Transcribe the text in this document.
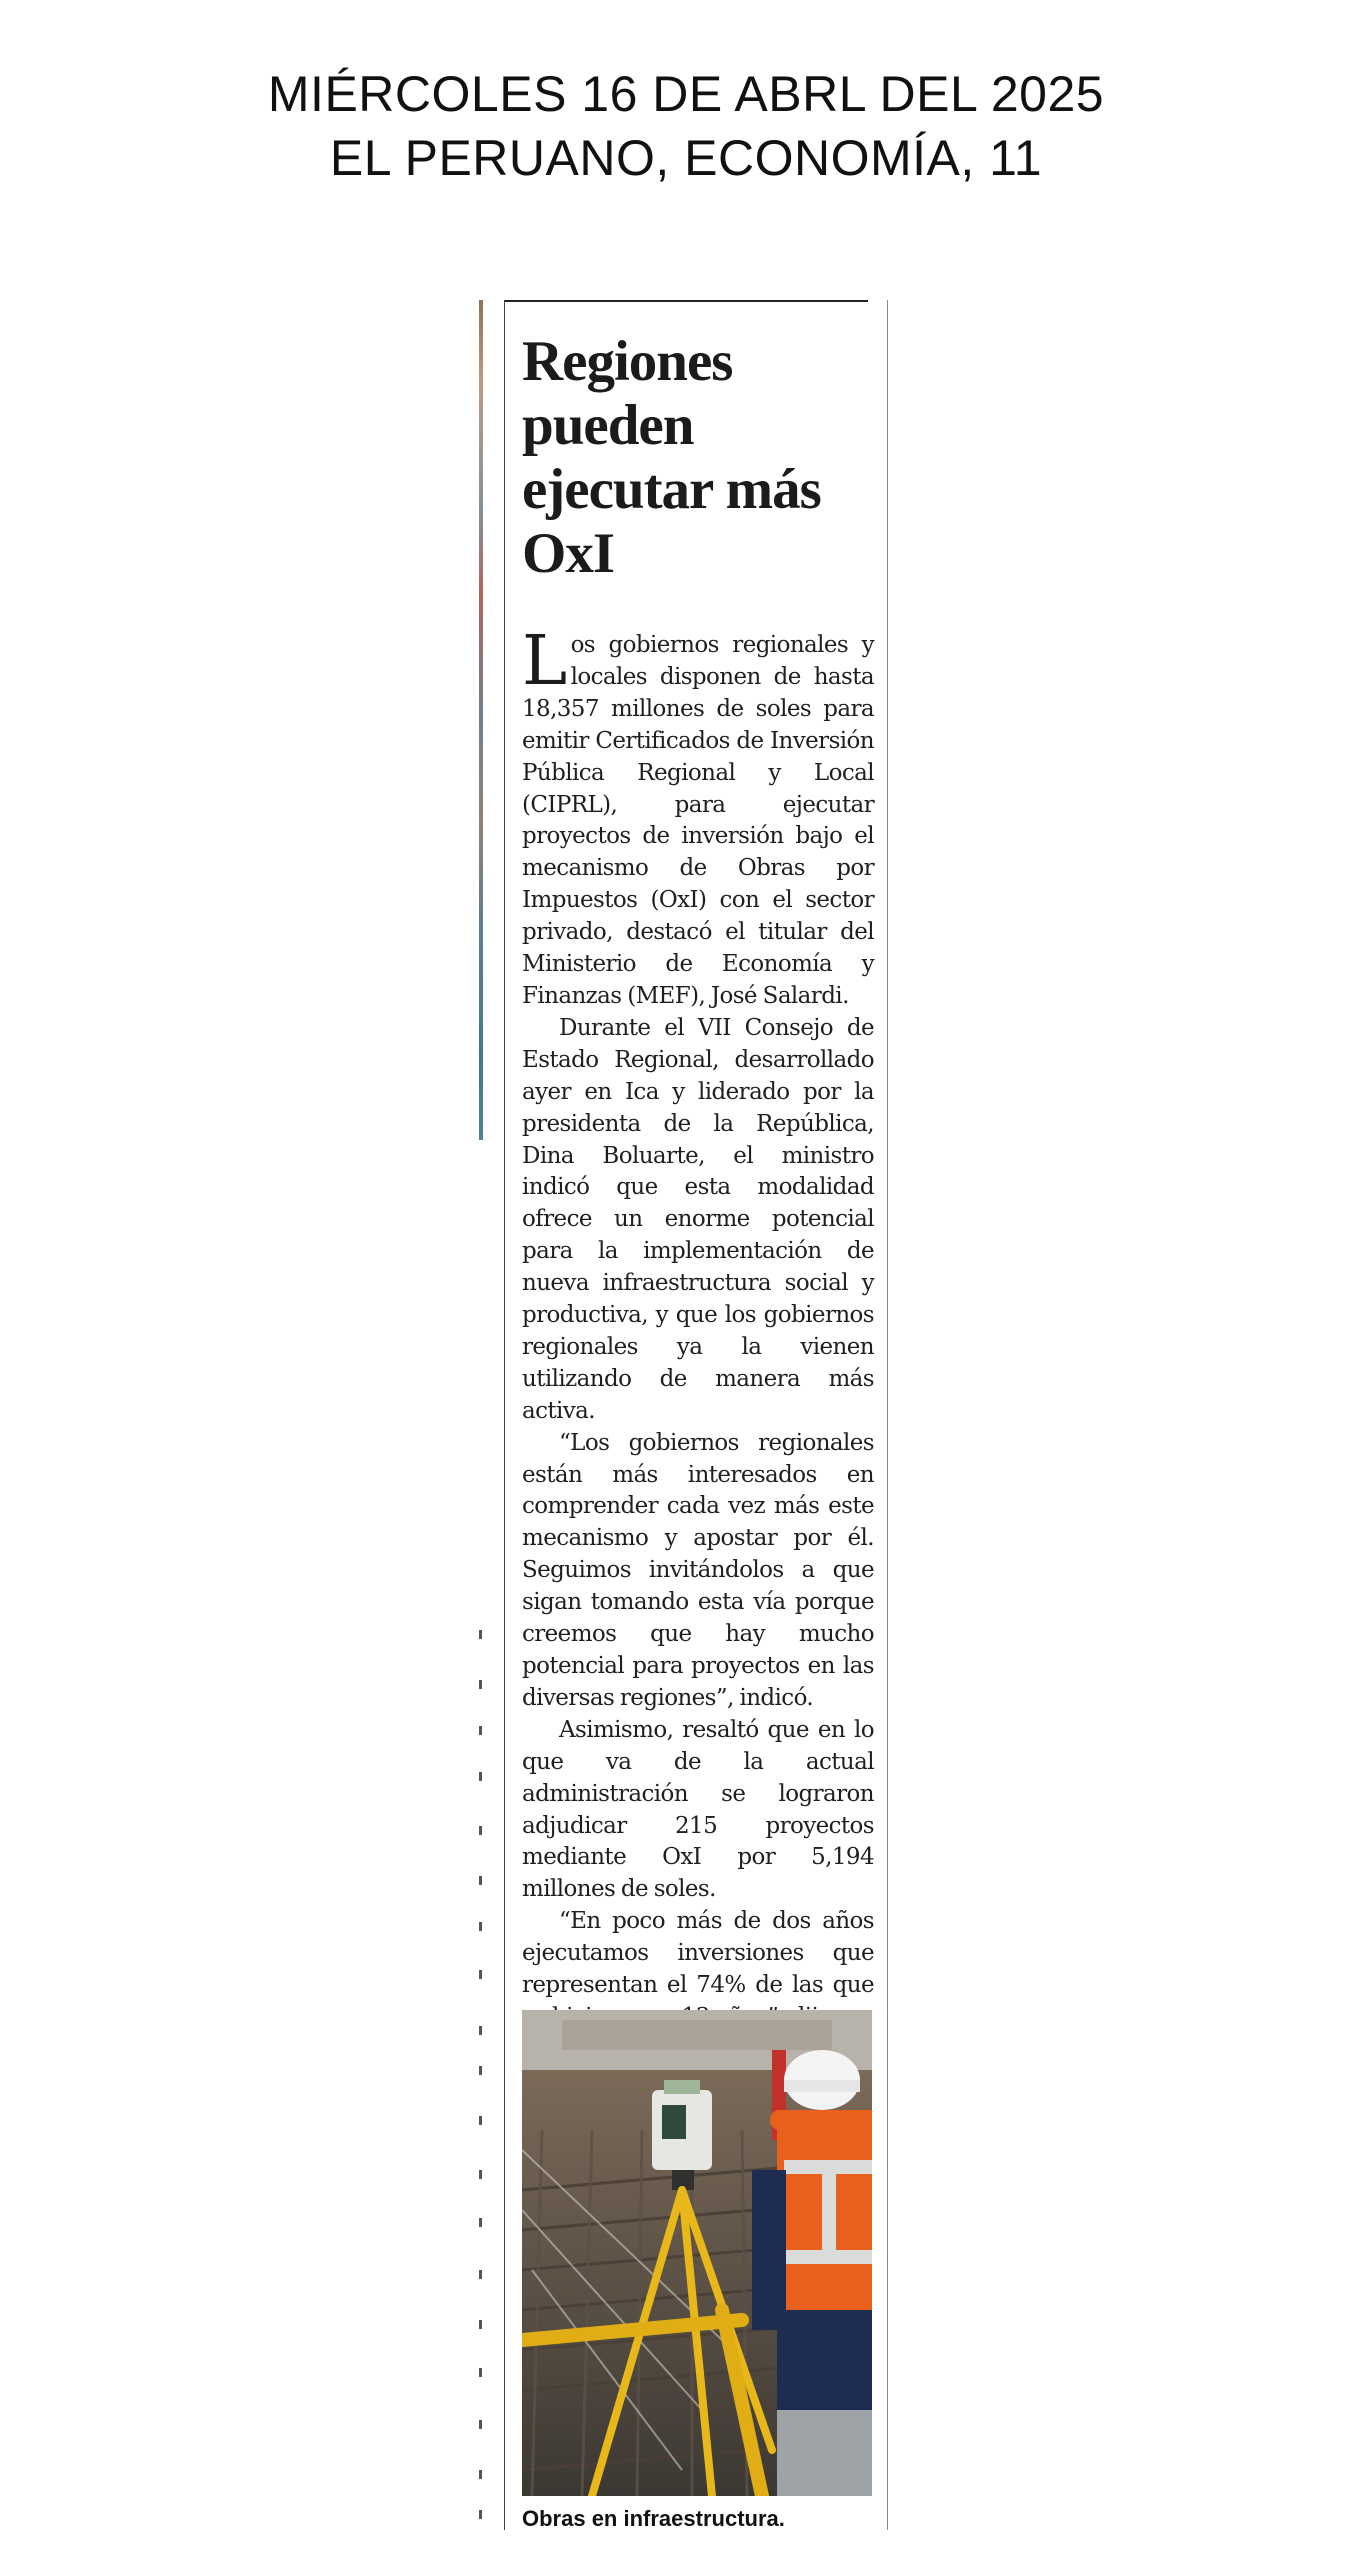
MIÉRCOLES 16 DE ABRL DEL 2025
EL PERUANO, ECONOMÍA, 11
Regiones pueden ejecutar más OxI

Los gobiernos regionales y locales disponen de hasta 18,357 millones de soles para emitir Certificados de Inversión Pública Regional y Local (CIPRL), para ejecutar proyectos de inversión bajo el mecanismo de Obras por Impuestos (OxI) con el sector privado, destacó el titular del Ministerio de Economía y Finanzas (MEF), José Salardi.

Durante el VII Consejo de Estado Regional, desarrollado ayer en Ica y liderado por la presidenta de la República, Dina Boluarte, el ministro indicó que esta modalidad ofrece un enorme potencial para la implementación de nueva infraestructura social y productiva, y que los gobiernos regionales ya la vienen utilizando de manera más activa.

“Los gobiernos regionales están más interesados en comprender cada vez más este mecanismo y apostar por él. Seguimos invitándolos a que sigan tomando esta vía porque creemos que hay mucho potencial para proyectos en las diversas regiones”, indicó.

Asimismo, resaltó que en lo que va de la actual administración se lograron adjudicar 215 proyectos mediante OxI por 5,194 millones de soles.

“En poco más de dos años ejecutamos inversiones que representan el 74% de las que

Obras en infraestructura.
